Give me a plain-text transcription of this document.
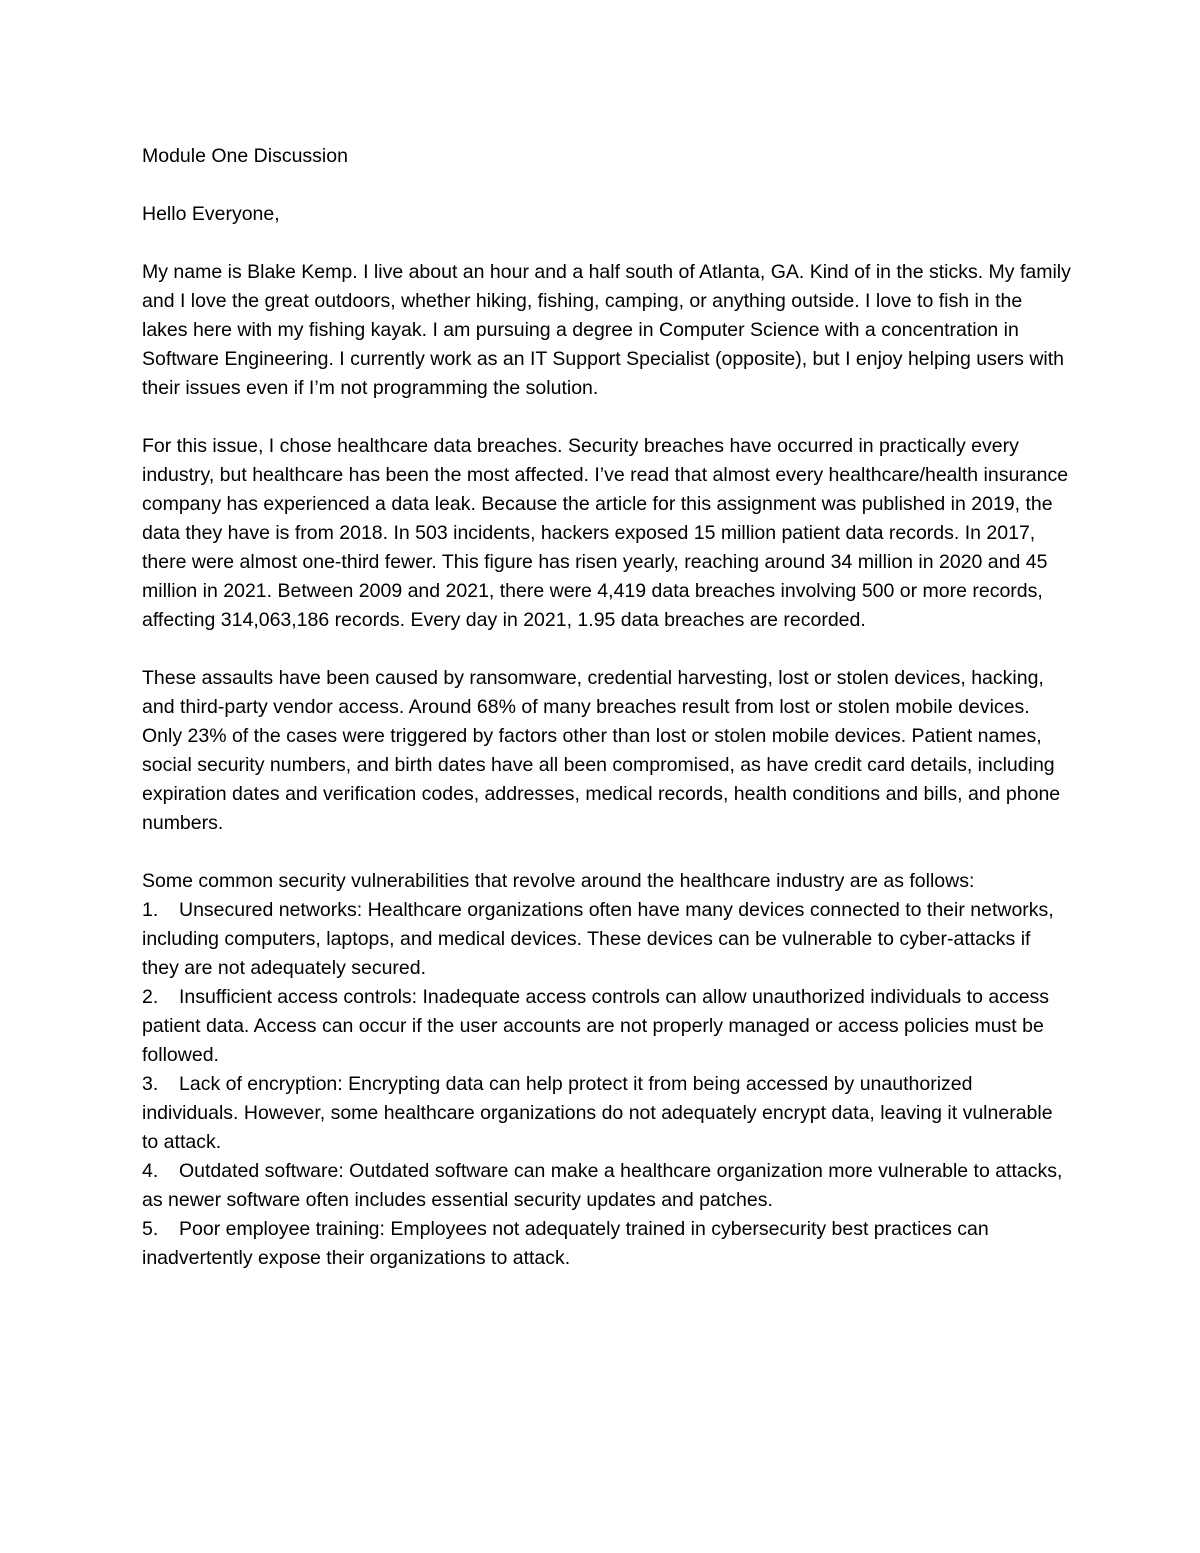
Module One Discussion

Hello Everyone,

My name is Blake Kemp. I live about an hour and a half south of Atlanta, GA. Kind of in the sticks. My family and I love the great outdoors, whether hiking, fishing, camping, or anything outside. I love to fish in the lakes here with my fishing kayak. I am pursuing a degree in Computer Science with a concentration in Software Engineering. I currently work as an IT Support Specialist (opposite), but I enjoy helping users with their issues even if I’m not programming the solution.

For this issue, I chose healthcare data breaches. Security breaches have occurred in practically every industry, but healthcare has been the most affected. I’ve read that almost every healthcare/health insurance company has experienced a data leak. Because the article for this assignment was published in 2019, the data they have is from 2018. In 503 incidents, hackers exposed 15 million patient data records. In 2017, there were almost one-third fewer. This figure has risen yearly, reaching around 34 million in 2020 and 45 million in 2021. Between 2009 and 2021, there were 4,419 data breaches involving 500 or more records, affecting 314,063,186 records. Every day in 2021, 1.95 data breaches are recorded.

These assaults have been caused by ransomware, credential harvesting, lost or stolen devices, hacking, and third-party vendor access. Around 68% of many breaches result from lost or stolen mobile devices. Only 23% of the cases were triggered by factors other than lost or stolen mobile devices. Patient names, social security numbers, and birth dates have all been compromised, as have credit card details, including expiration dates and verification codes, addresses, medical records, health conditions and bills, and phone numbers.

Some common security vulnerabilities that revolve around the healthcare industry are as follows:

1. Unsecured networks: Healthcare organizations often have many devices connected to their networks, including computers, laptops, and medical devices. These devices can be vulnerable to cyber-attacks if they are not adequately secured.

2. Insufficient access controls: Inadequate access controls can allow unauthorized individuals to access patient data. Access can occur if the user accounts are not properly managed or access policies must be followed.

3. Lack of encryption: Encrypting data can help protect it from being accessed by unauthorized individuals. However, some healthcare organizations do not adequately encrypt data, leaving it vulnerable to attack.

4. Outdated software: Outdated software can make a healthcare organization more vulnerable to attacks, as newer software often includes essential security updates and patches.

5. Poor employee training: Employees not adequately trained in cybersecurity best practices can inadvertently expose their organizations to attack.
